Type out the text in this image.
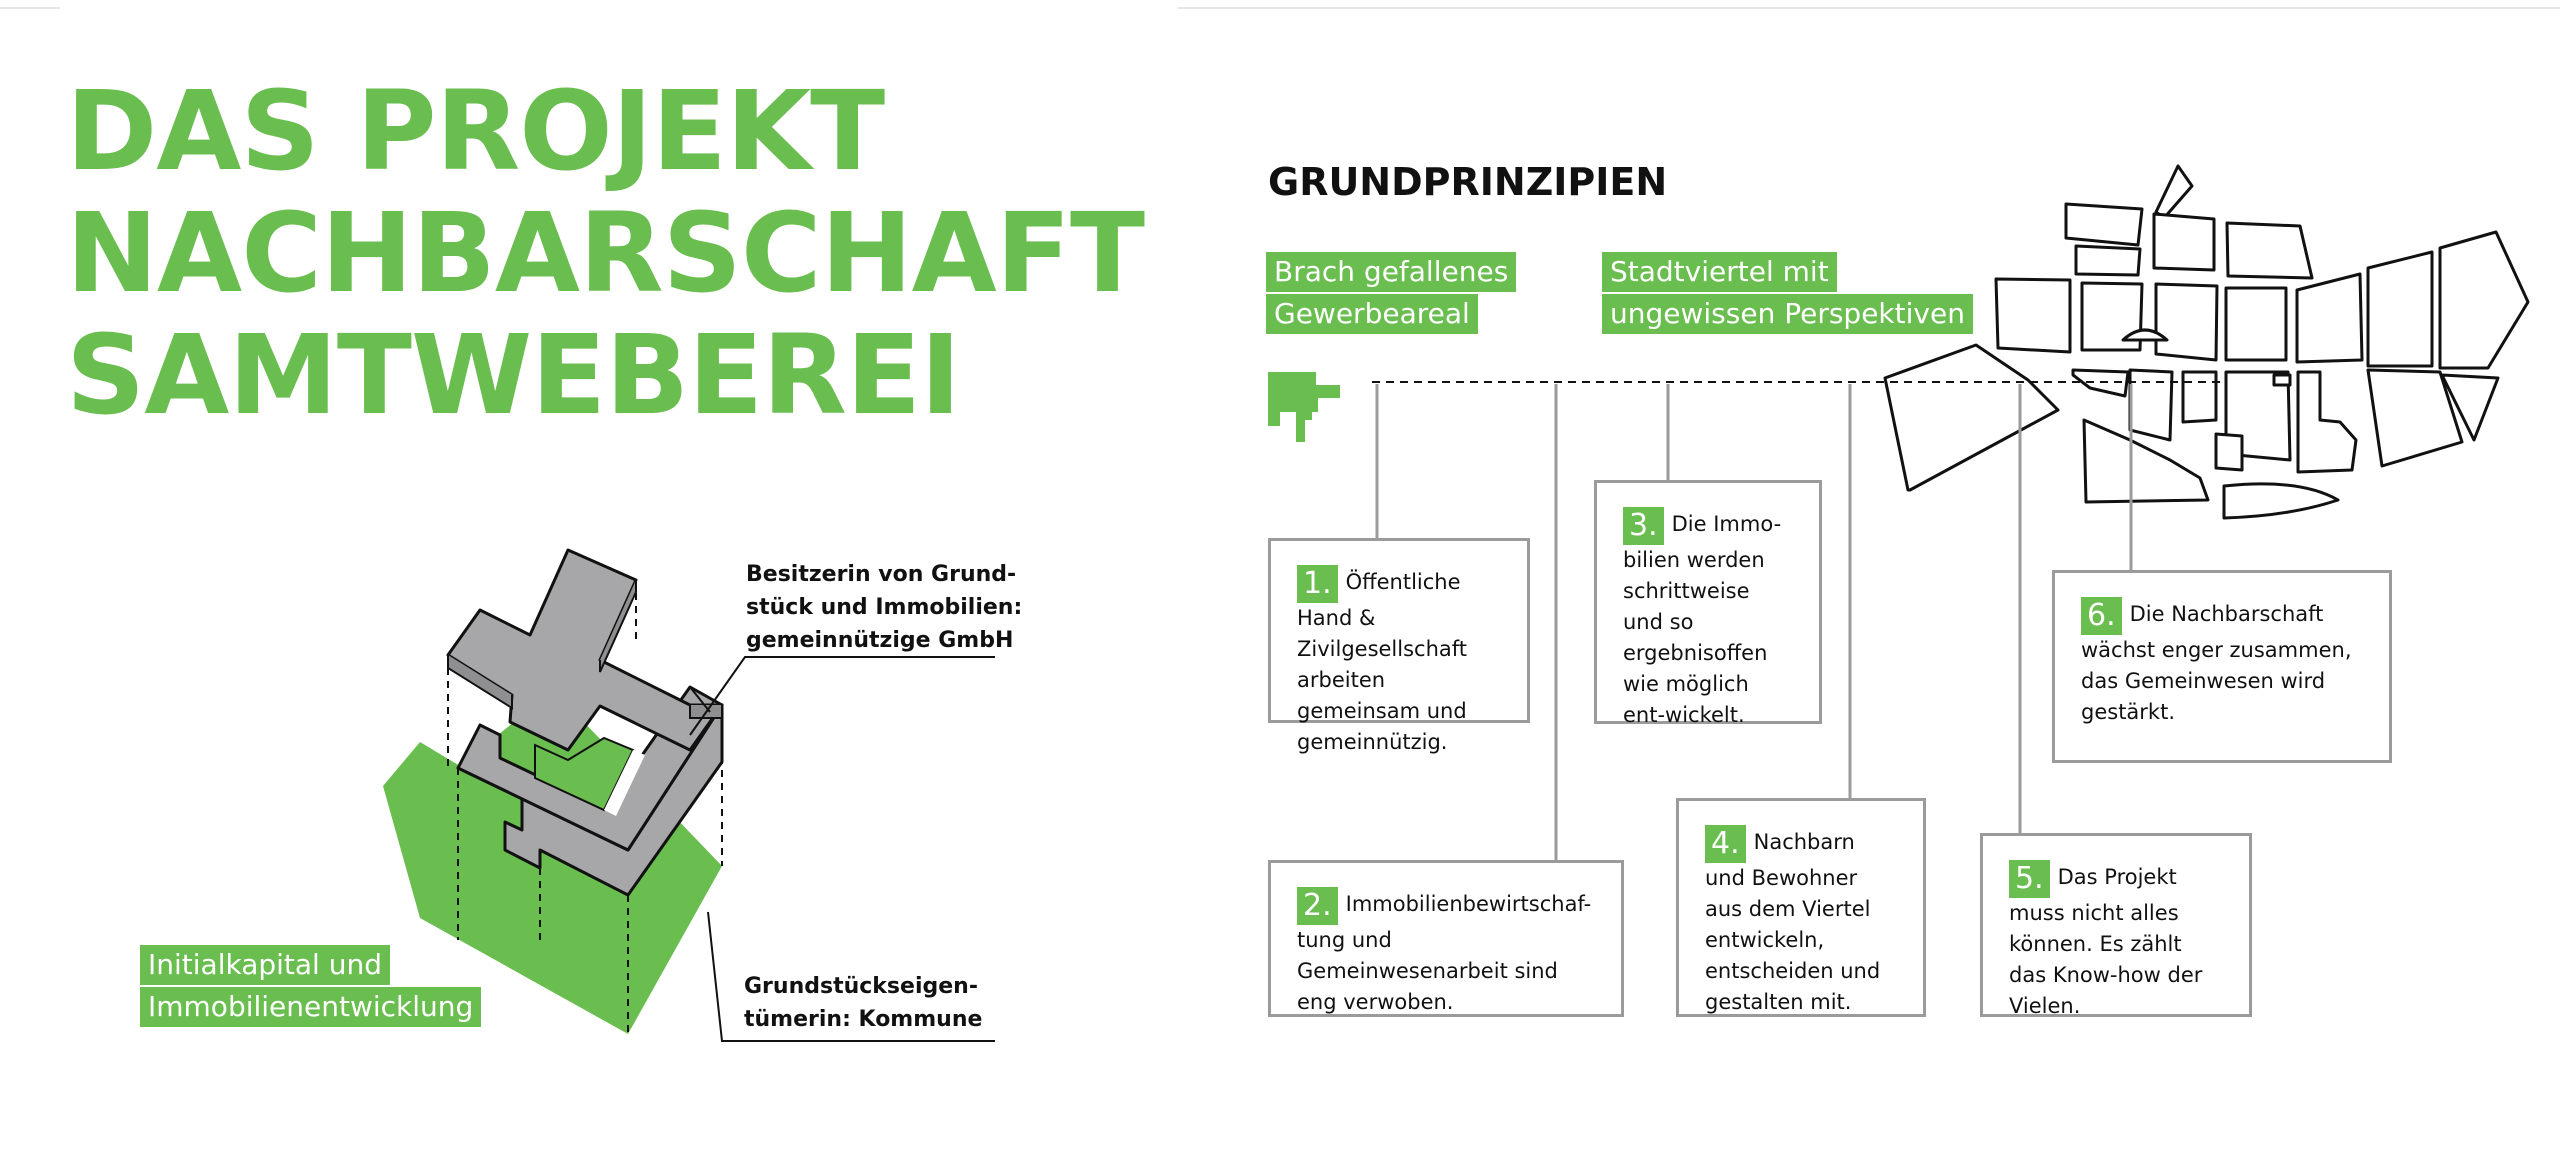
DAS PROJEKT
NACHBARSCHAFT
SAMTWEBEREI
Besitzerin von Grund-
stück und Immobilien:
gemeinnützige GmbH
Grundstückseigen-
tümerin: Kommune
Initialkapital und
Immobilienentwicklung
GRUNDPRINZIPIEN
Brach gefallenes
Gewerbeareal
Stadtviertel mit
ungewissen Perspektiven
1. Öffentliche Hand & Zivilgesellschaft arbeiten gemeinsam und gemeinnützig.
2. Immobilienbewirtschaf-tung und Gemeinwesenarbeit sind eng verwoben.
3. Die Immo-bilien werden schrittweise und so ergebnisoffen wie möglich ent-wickelt.
4. Nachbarn und Bewohner aus dem Viertel entwickeln, entscheiden und gestalten mit.
5. Das Projekt muss nicht alles können. Es zählt das Know-how der Vielen.
6. Die Nachbarschaft wächst enger zusammen, das Gemeinwesen wird gestärkt.
